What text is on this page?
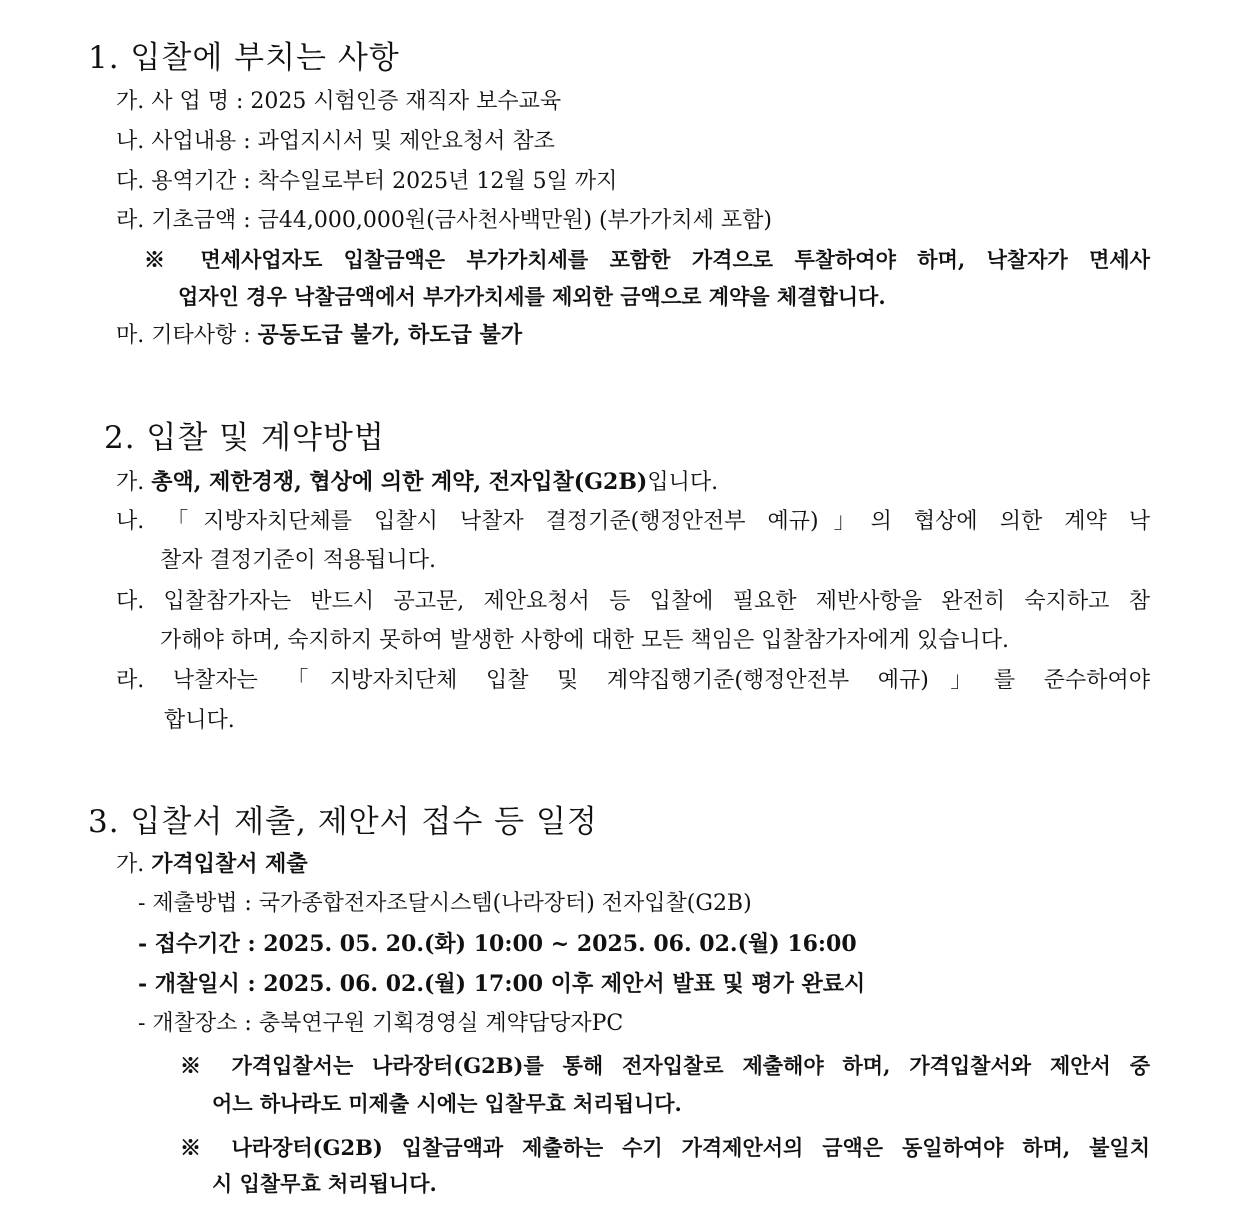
1. 입찰에 부치는 사항
가. 사 업 명 : 2025 시험인증 재직자 보수교육
나. 사업내용 : 과업지시서 및 제안요청서 참조
다. 용역기간 : 착수일로부터 2025년 12월 5일 까지
라. 기초금액 : 금44,000,000원(금사천사백만원) (부가가치세 포함)
※ 면세사업자도 입찰금액은 부가가치세를 포함한 가격으로 투찰하여야 하며, 낙찰자가 면세사
업자인 경우 낙찰금액에서 부가가치세를 제외한 금액으로 계약을 체결합니다.
마. 기타사항 : 공동도급 불가, 하도급 불가
2. 입찰 및 계약방법
가. 총액, 제한경쟁, 협상에 의한 계약, 전자입찰(G2B)입니다.
나. 「지방자치단체를 입찰시 낙찰자 결정기준(행정안전부 예규)」의 협상에 의한 계약 낙
찰자 결정기준이 적용됩니다.
다. 입찰참가자는 반드시 공고문, 제안요청서 등 입찰에 필요한 제반사항을 완전히 숙지하고 참
가해야 하며, 숙지하지 못하여 발생한 사항에 대한 모든 책임은 입찰참가자에게 있습니다.
라. 낙찰자는 「지방자치단체 입찰 및 계약집행기준(행정안전부 예규)」를 준수하여야
합니다.
3. 입찰서 제출, 제안서 접수 등 일정
가. 가격입찰서 제출
- 제출방법 : 국가종합전자조달시스템(나라장터) 전자입찰(G2B)
- 접수기간 : 2025. 05. 20.(화) 10:00 ~ 2025. 06. 02.(월) 16:00
- 개찰일시 : 2025. 06. 02.(월) 17:00 이후 제안서 발표 및 평가 완료시
- 개찰장소 : 충북연구원 기획경영실 계약담당자PC
※ 가격입찰서는 나라장터(G2B)를 통해 전자입찰로 제출해야 하며, 가격입찰서와 제안서 중
어느 하나라도 미제출 시에는 입찰무효 처리됩니다.
※ 나라장터(G2B) 입찰금액과 제출하는 수기 가격제안서의 금액은 동일하여야 하며, 불일치
시 입찰무효 처리됩니다.
